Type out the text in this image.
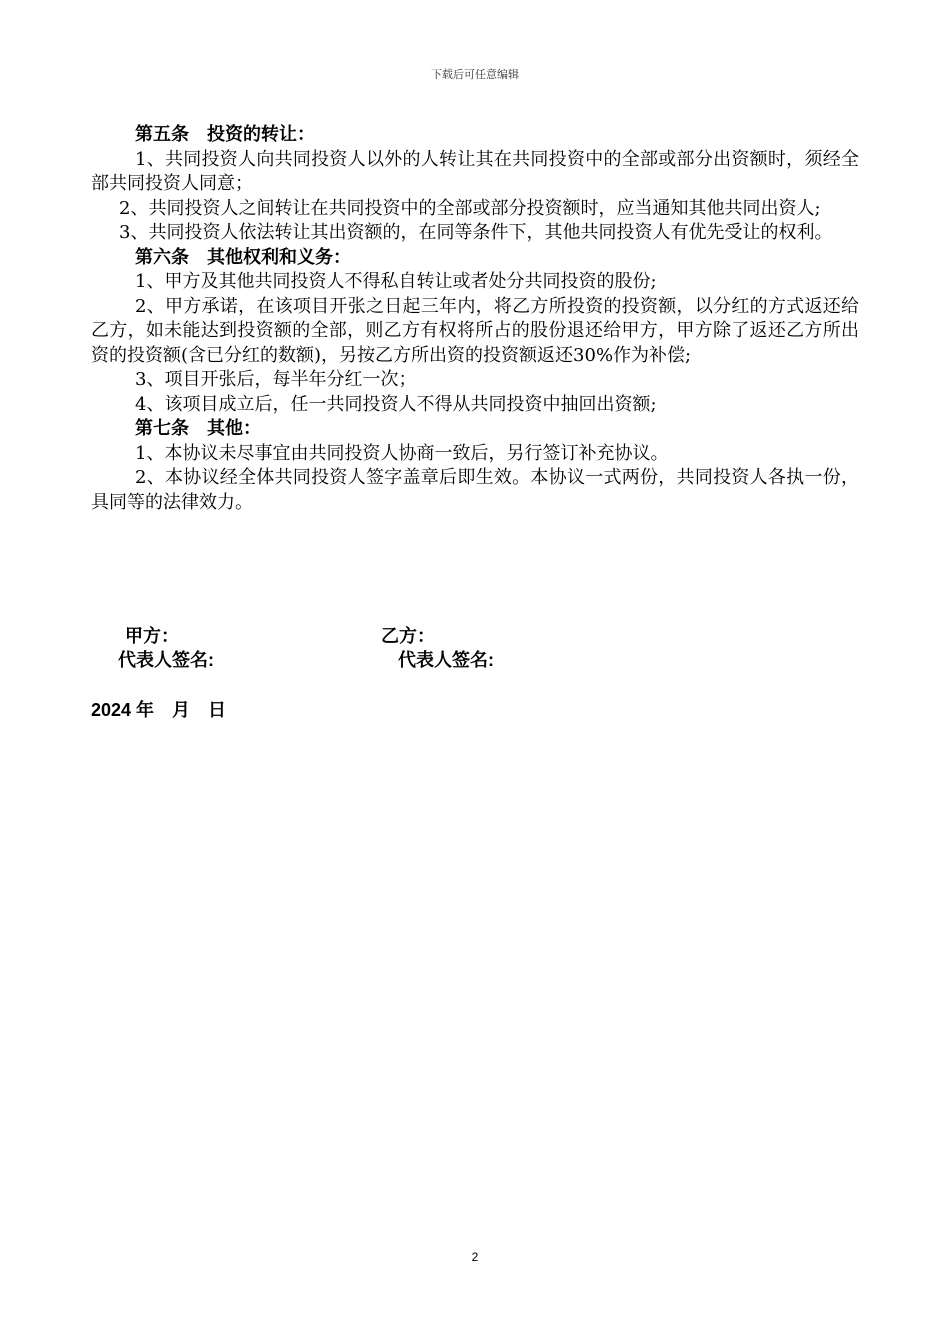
下载后可任意编辑

第五条　投资的转让：

1、共同投资人向共同投资人以外的人转让其在共同投资中的全部或部分出资额时，须经全部共同投资人同意；

2、共同投资人之间转让在共同投资中的全部或部分投资额时，应当通知其他共同出资人;

3、共同投资人依法转让其出资额的，在同等条件下，其他共同投资人有优先受让的权利。

第六条　其他权利和义务：

1、甲方及其他共同投资人不得私自转让或者处分共同投资的股份;

2、甲方承诺，在该项目开张之日起三年内，将乙方所投资的投资额，以分红的方式返还给乙方，如未能达到投资额的全部，则乙方有权将所占的股份退还给甲方，甲方除了返还乙方所出资的投资额(含已分红的数额)，另按乙方所出资的投资额返还30%作为补偿;

3、项目开张后，每半年分红一次；

4、该项目成立后，任一共同投资人不得从共同投资中抽回出资额;

第七条　其他：

1、本协议未尽事宜由共同投资人协商一致后，另行签订补充协议。

2、本协议经全体共同投资人签字盖章后即生效。本协议一式两份，共同投资人各执一份，具同等的法律效力。

甲方：	乙方：
代表人签名:	代表人签名:
2024 年　月　日
2
